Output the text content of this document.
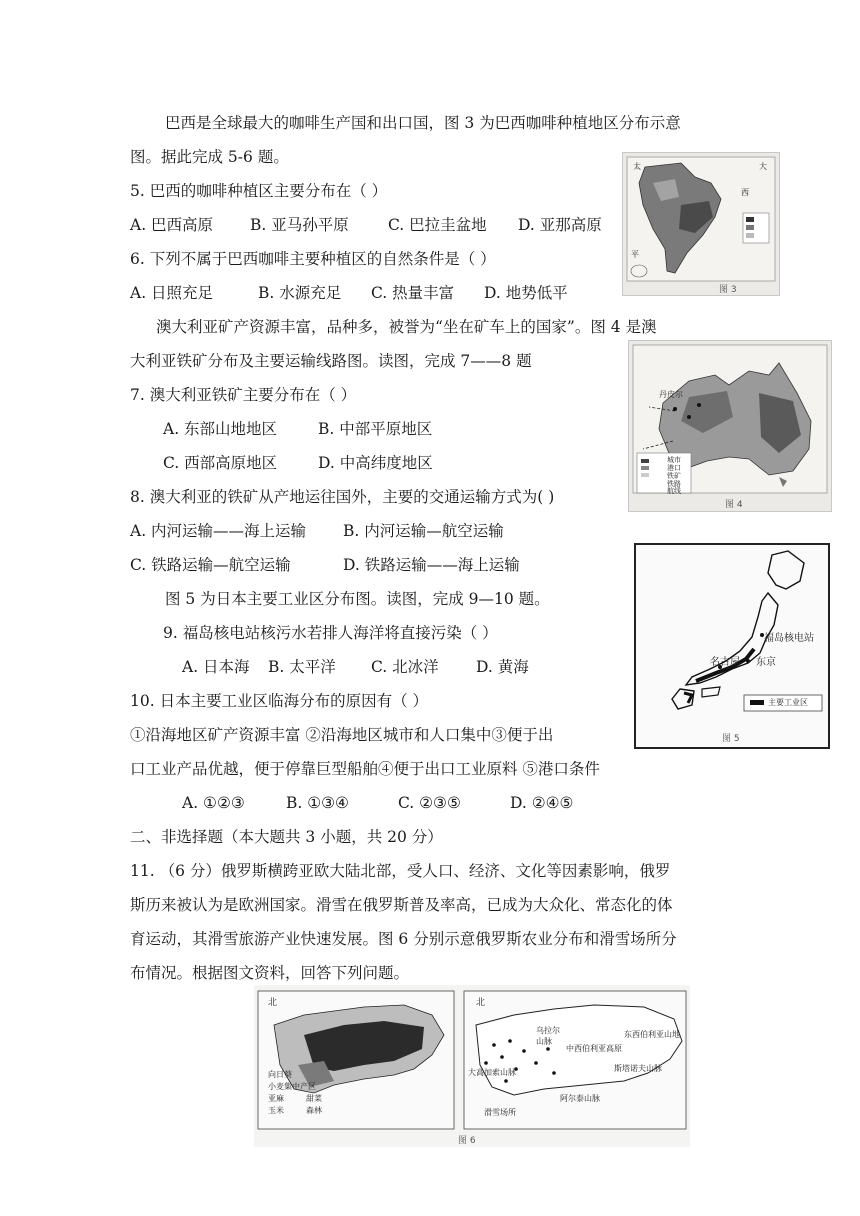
巴西是全球最大的咖啡生产国和出口国，图 3 为巴西咖啡种植地区分布示意
图。据此完成 5-6 题。
5. 巴西的咖啡种植区主要分布在（ ）
A. 巴西高原 B. 亚马孙平原	C. 巴拉圭盆地 D. 亚那高原
6. 下列不属于巴西咖啡主要种植区的自然条件是（ ）
A. 日照充足	B. 水源充足 C. 热量丰富 D. 地势低平
澳大利亚矿产资源丰富，品种多，被誉为“坐在矿车上的国家”。图 4 是澳
大利亚铁矿分布及主要运输线路图。读图，完成 7——8 题
7. 澳大利亚铁矿主要分布在（ ）
A. 东部山地地区	B. 中部平原地区
C. 西部高原地区	D. 中高纬度地区
8. 澳大利亚的铁矿从产地运往国外，主要的交通运输方式为( )
A. 内河运输——海上运输 B. 内河运输—航空运输
C. 铁路运输—航空运输	D. 铁路运输——海上运输
图 5 为日本主要工业区分布图。读图，完成 9—10 题。
9. 福岛核电站核污水若排人海洋将直接污染（ ）
A. 日本海 B. 太平洋 C. 北冰洋 D. 黄海
10. 日本主要工业区临海分布的原因有（ ）
①沿海地区矿产资源丰富 ②沿海地区城市和人口集中③便于出
口工业产品优越，便于停靠巨型船舶④便于出口工业原料 ⑤港口条件
A. ①②③	B. ①③④	C. ②③⑤	D. ②④⑤
二、非选择题（本大题共 3 小题，共 20 分）
11. （6 分）俄罗斯横跨亚欧大陆北部，受人口、经济、文化等因素影响，俄罗
斯历来被认为是欧洲国家。滑雪在俄罗斯普及率高，已成为大众化、常态化的体
育运动，其滑雪旅游产业快速发展。图 6 分别示意俄罗斯农业分布和滑雪场所分
布情况。根据图文资料，回答下列问题。
太	大
西
平
图 3
丹皮尔
城市
港口
铁矿
铁路
航线
图 4
福岛核电站
名古屋 东京
主要工业区
图 5
北
向日葵
小麦集中产区
亚麻	甜菜
玉米	森林
北
乌拉尔山脉
大高加索山脉
中西伯利亚高原
东西伯利亚山地
斯塔诺夫山脉
阿尔泰山脉
滑雪场所
图 6
